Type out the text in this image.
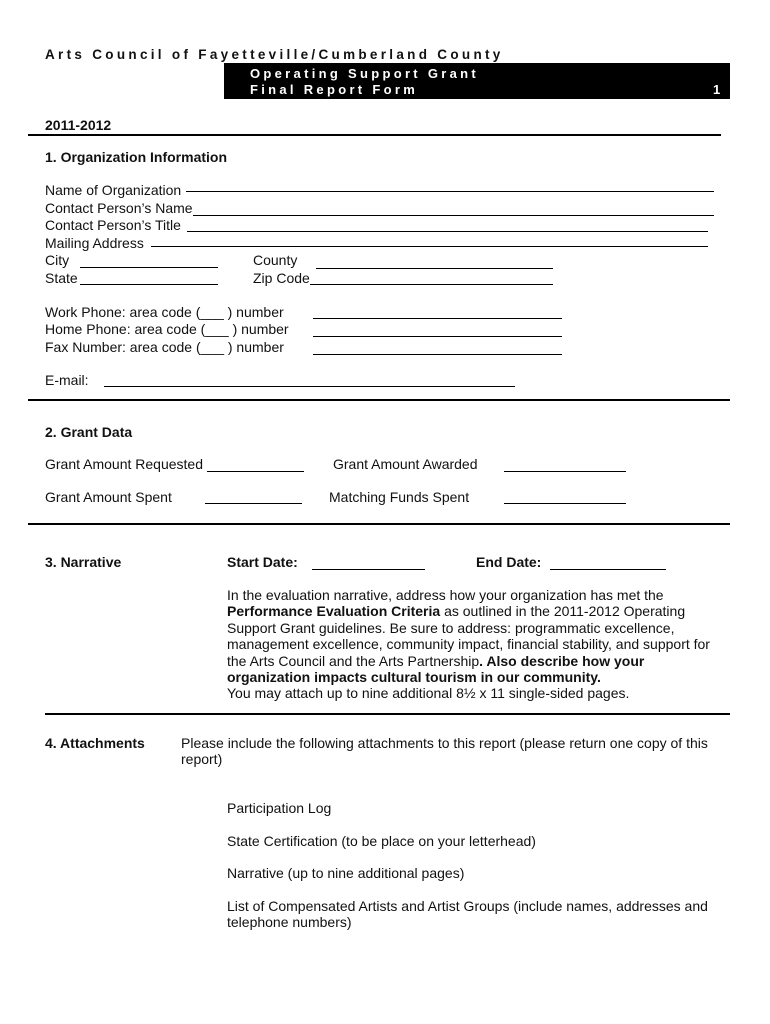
Arts Council of Fayetteville/Cumberland County
Operating Support Grant
Final Report Form	1
2011-2012
1. Organization Information
Name of Organization
Contact Person’s Name
Contact Person’s Title
Mailing Address
City	County
State	Zip Code
Work Phone: area code (___ ) number
Home Phone: area code (___ ) number
Fax Number: area code (___ ) number
E-mail:
2. Grant Data
Grant Amount Requested	Grant Amount Awarded
Grant Amount Spent	Matching Funds Spent
3. Narrative	Start Date:	End Date:
In the evaluation narrative, address how your organization has met the Performance Evaluation Criteria as outlined in the 2011-2012 Operating Support Grant guidelines. Be sure to address: programmatic excellence, management excellence, community impact, financial stability, and support for the Arts Council and the Arts Partnership. Also describe how your organization impacts cultural tourism in our community.
You may attach up to nine additional 8½ x 11 single-sided pages.
4. Attachments	Please include the following attachments to this report (please return one copy of this report)
Participation Log
State Certification (to be place on your letterhead)
Narrative (up to nine additional pages)
List of Compensated Artists and Artist Groups (include names, addresses and telephone numbers)
